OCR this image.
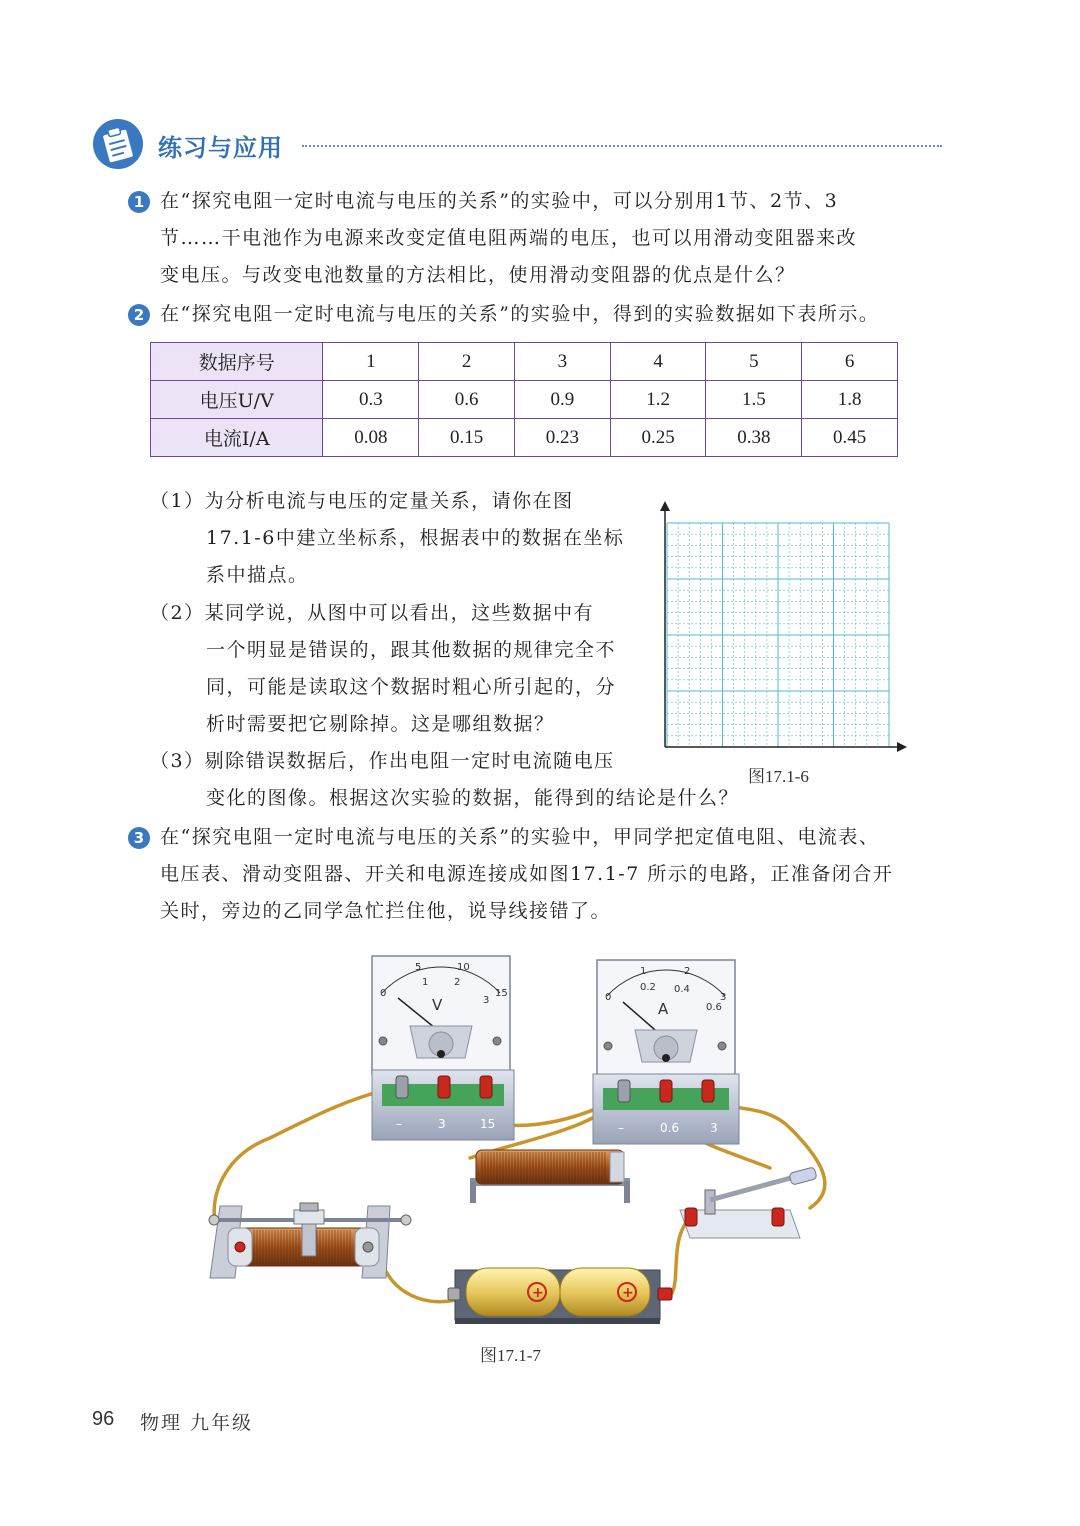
练习与应用
1 在“探究电阻一定时电流与电压的关系”的实验中，可以分别用1节、2节、3
节……干电池作为电源来改变定值电阻两端的电压，也可以用滑动变阻器来改
变电压。与改变电池数量的方法相比，使用滑动变阻器的优点是什么？
2 在“探究电阻一定时电流与电压的关系”的实验中，得到的实验数据如下表所示。
数据序号	1	2	3	4	5	6
电压U/V	0.3	0.6	0.9	1.2	1.5	1.8
电流I/A	0.08	0.15	0.23	0.25	0.38	0.45
（1）为分析电流与电压的定量关系，请你在图
17.1-6中建立坐标系，根据表中的数据在坐标
系中描点。
（2）某同学说，从图中可以看出，这些数据中有
一个明显是错误的，跟其他数据的规律完全不
同，可能是读取这个数据时粗心所引起的，分
析时需要把它剔除掉。这是哪组数据？
（3）剔除错误数据后，作出电阻一定时电流随电压
变化的图像。根据这次实验的数据，能得到的结论是什么？
图17.1-6
3 在“探究电阻一定时电流与电压的关系”的实验中，甲同学把定值电阻、电流表、
电压表、滑动变阻器、开关和电源连接成如图17.1-7 所示的电路，正准备闭合开
关时，旁边的乙同学急忙拦住他，说导线接错了。
5	10
15
1	2
3
0
V
–	3	15
1	2
3
0.2 0.4
0.6
0
A
–	0.6	3
+	+
图17.1-7
96 物理 九年级
